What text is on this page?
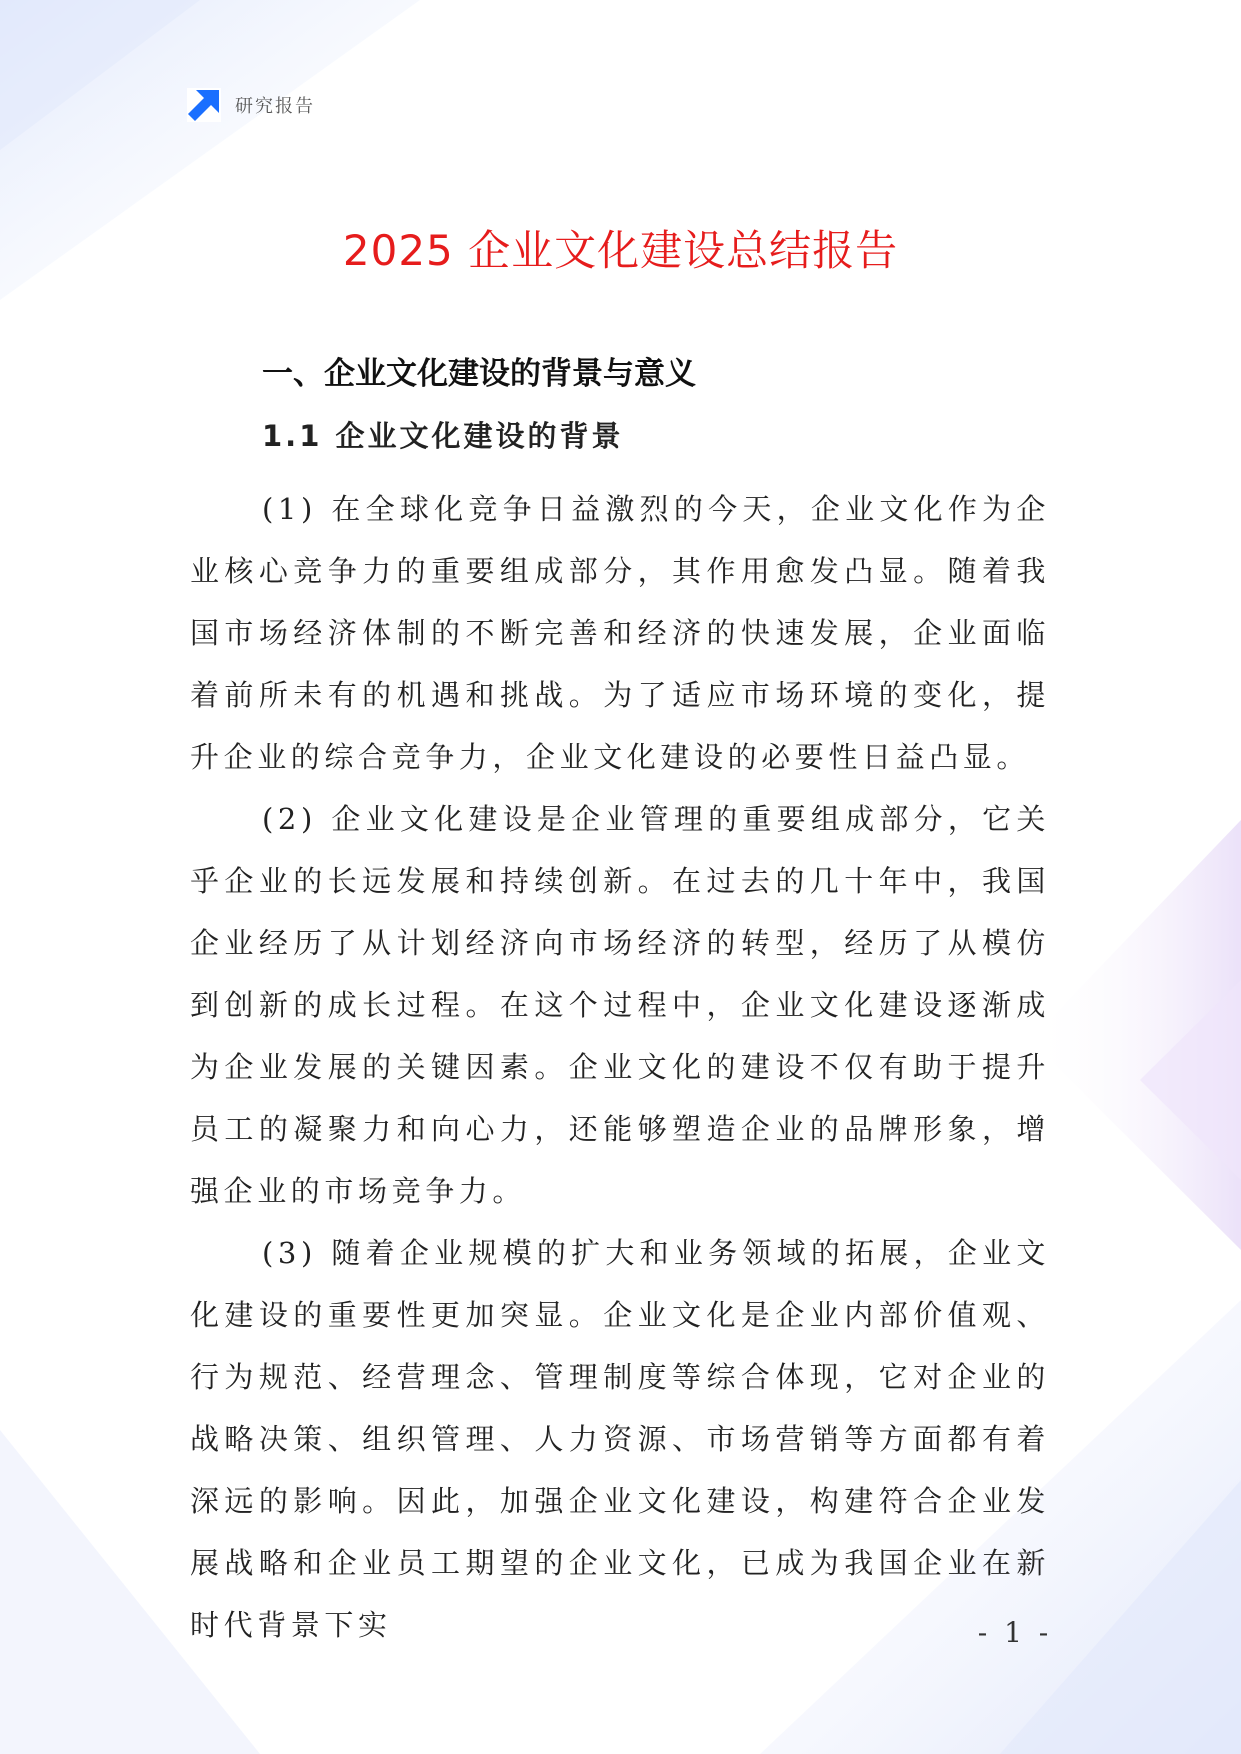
研究报告
2025 企业文化建设总结报告
一、企业文化建设的背景与意义
1.1 企业文化建设的背景

(1) 在全球化竞争日益激烈的今天，企业文化作为企业核心竞争力的重要组成部分，其作用愈发凸显。随着我国市场经济体制的不断完善和经济的快速发展，企业面临着前所未有的机遇和挑战。为了适应市场环境的变化，提升企业的综合竞争力，企业文化建设的必要性日益凸显。

(2) 企业文化建设是企业管理的重要组成部分，它关乎企业的长远发展和持续创新。在过去的几十年中，我国企业经历了从计划经济向市场经济的转型，经历了从模仿到创新的成长过程。在这个过程中，企业文化建设逐渐成为企业发展的关键因素。企业文化的建设不仅有助于提升员工的凝聚力和向心力，还能够塑造企业的品牌形象，增强企业的市场竞争力。

(3) 随着企业规模的扩大和业务领域的拓展，企业文化建设的重要性更加突显。企业文化是企业内部价值观、行为规范、经营理念、管理制度等综合体现，它对企业的战略决策、组织管理、人力资源、市场营销等方面都有着深远的影响。因此，加强企业文化建设，构建符合企业发展战略和企业员工期望的企业文化，已成为我国企业在新时代背景下实	- 1 -
